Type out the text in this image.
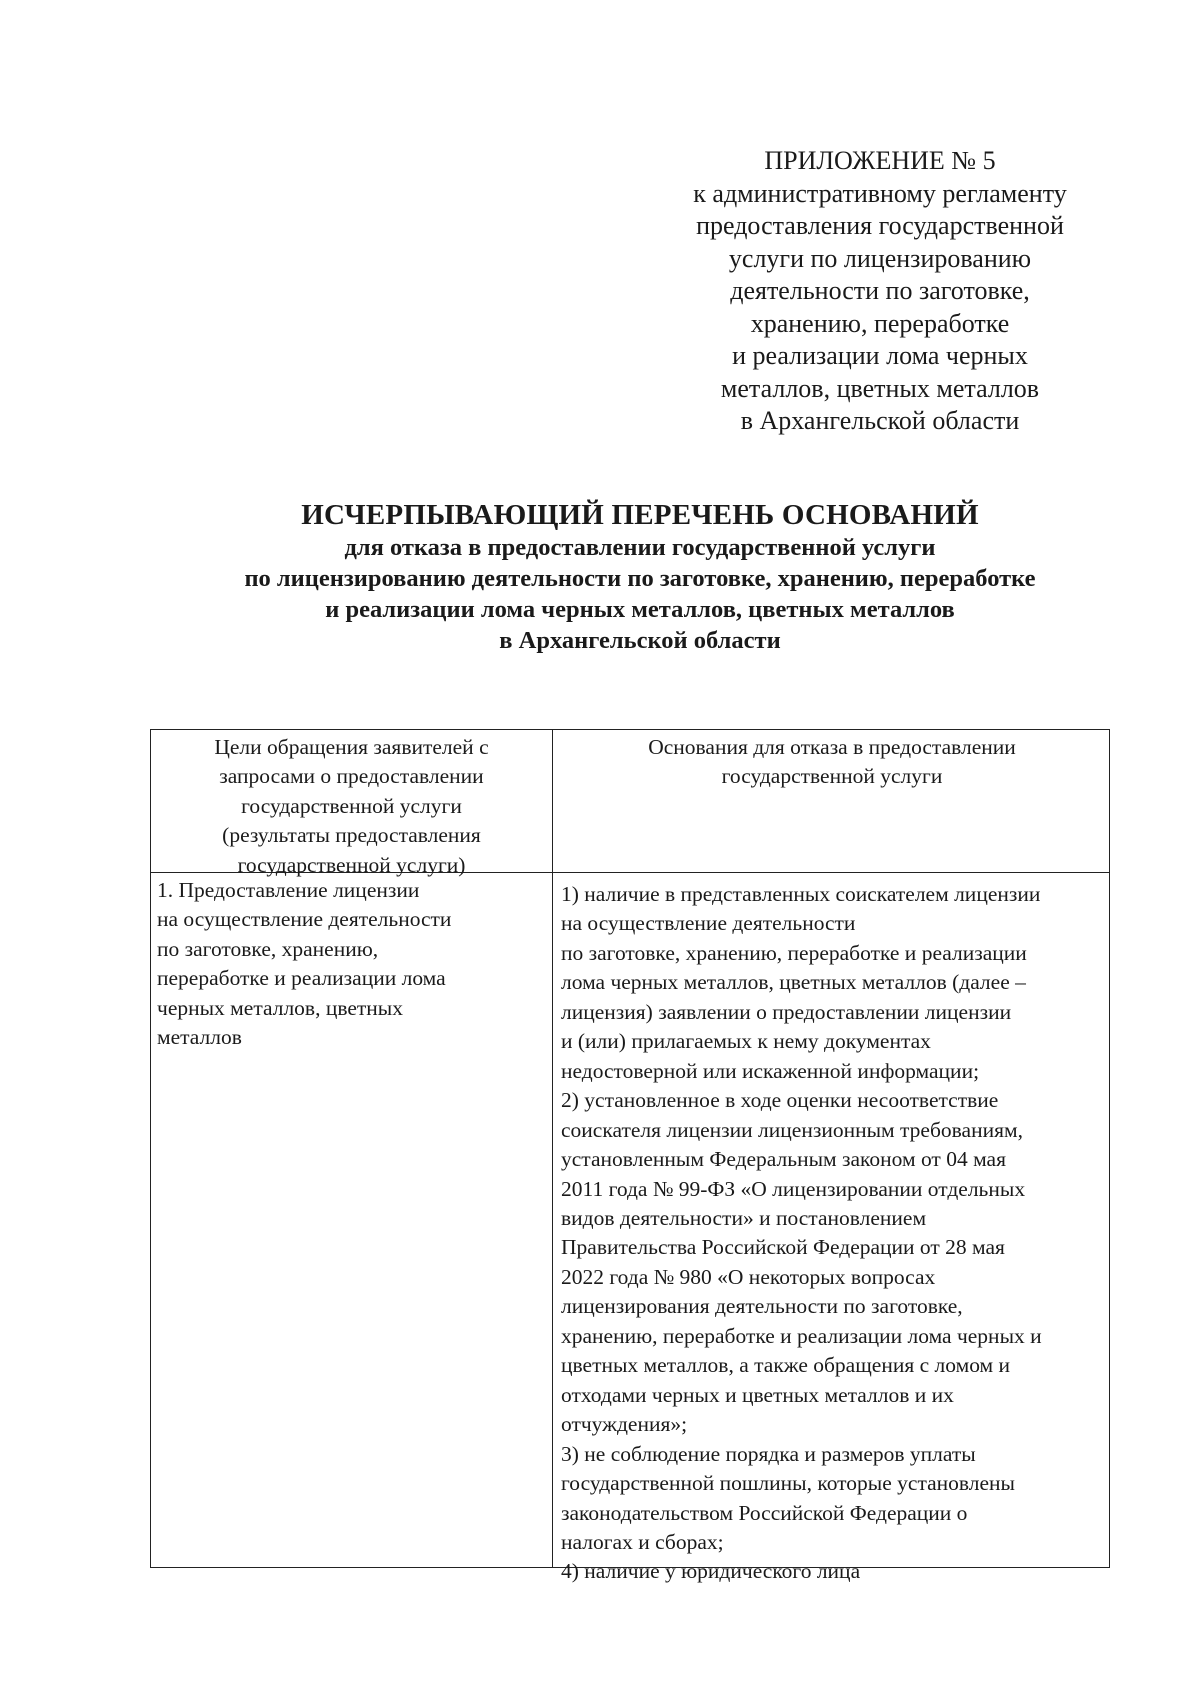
ПРИЛОЖЕНИЕ № 5
к административному регламенту
предоставления государственной
услуги по лицензированию
деятельности по заготовке,
хранению, переработке
и реализации лома черных
металлов, цветных металлов
в Архангельской области
ИСЧЕРПЫВАЮЩИЙ ПЕРЕЧЕНЬ ОСНОВАНИЙ
для отказа в предоставлении государственной услуги
по лицензированию деятельности по заготовке, хранению, переработке
и реализации лома черных металлов, цветных металлов
в Архангельской области
Цели обращения заявителей с
запросами о предоставлении
государственной услуги
(результаты предоставления
государственной услуги)
Основания для отказа в предоставлении
государственной услуги
1. Предоставление лицензии
на осуществление деятельности
по заготовке, хранению,
переработке и реализации лома
черных металлов, цветных
металлов
1) наличие в представленных соискателем лицензии
на осуществление деятельности
по заготовке, хранению, переработке и реализации
лома черных металлов, цветных металлов (далее –
лицензия) заявлении о предоставлении лицензии
и (или) прилагаемых к нему документах
недостоверной или искаженной информации;
2) установленное в ходе оценки несоответствие
соискателя лицензии лицензионным требованиям,
установленным Федеральным законом от 04 мая
2011 года № 99-ФЗ «О лицензировании отдельных
видов деятельности» и постановлением
Правительства Российской Федерации от 28 мая
2022 года № 980 «О некоторых вопросах
лицензирования деятельности по заготовке,
хранению, переработке и реализации лома черных и
цветных металлов, а также обращения с ломом и
отходами черных и цветных металлов и их
отчуждения»;
3) не соблюдение порядка и размеров уплаты
государственной пошлины, которые установлены
законодательством Российской Федерации о
налогах и сборах;
4) наличие у юридического лица
